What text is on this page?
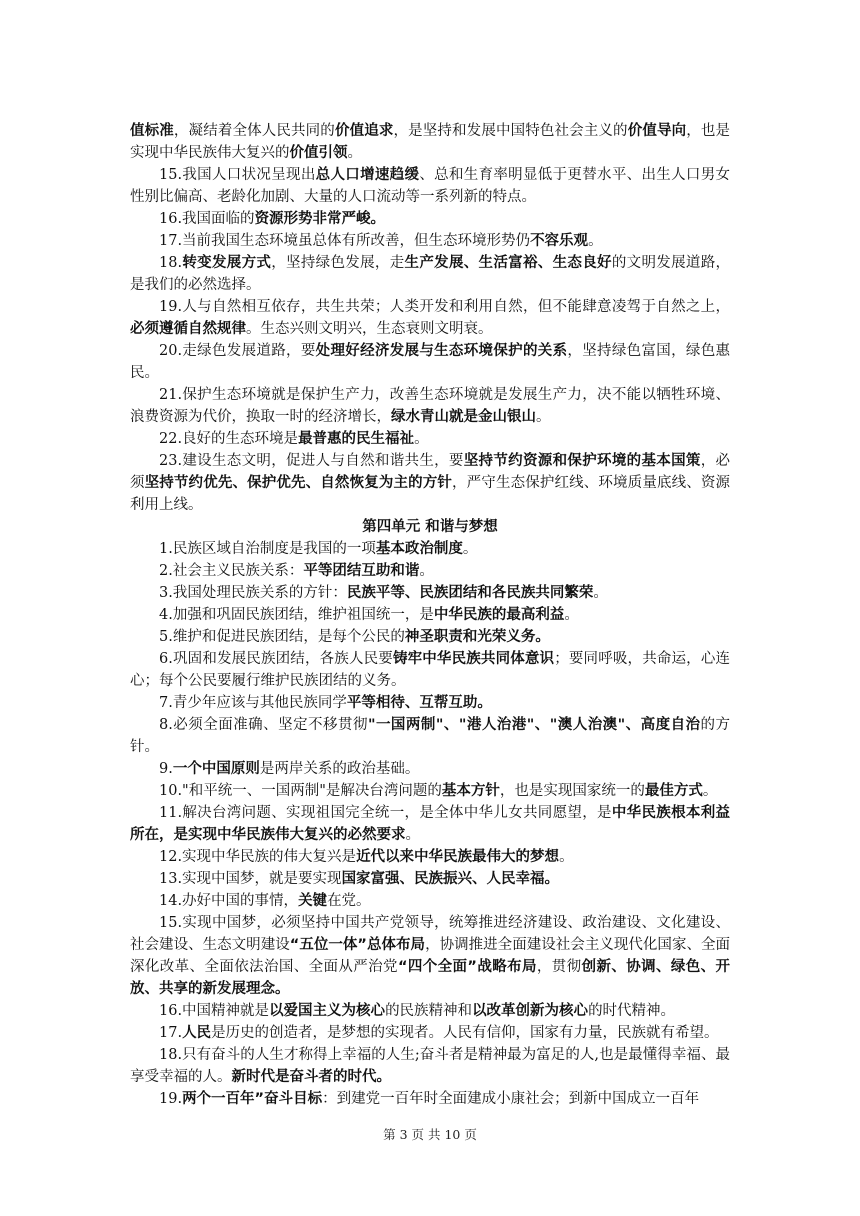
值标准，凝结着全体人民共同的价值追求，是坚持和发展中国特色社会主义的价值导向，也是实现中华民族伟大复兴的价值引领。

15.我国人口状况呈现出总人口增速趋缓、总和生育率明显低于更替水平、出生人口男女性别比偏高、老龄化加剧、大量的人口流动等一系列新的特点。

16.我国面临的资源形势非常严峻。

17.当前我国生态环境虽总体有所改善，但生态环境形势仍不容乐观。

18.转变发展方式，坚持绿色发展，走生产发展、生活富裕、生态良好的文明发展道路，是我们的必然选择。

19.人与自然相互依存，共生共荣；人类开发和利用自然，但不能肆意凌驾于自然之上，必须遵循自然规律。生态兴则文明兴，生态衰则文明衰。

20.走绿色发展道路，要处理好经济发展与生态环境保护的关系，坚持绿色富国，绿色惠民。

21.保护生态环境就是保护生产力，改善生态环境就是发展生产力，决不能以牺牲环境、浪费资源为代价，换取一时的经济增长，绿水青山就是金山银山。

22.良好的生态环境是最普惠的民生福祉。

23.建设生态文明，促进人与自然和谐共生，要坚持节约资源和保护环境的基本国策，必须坚持节约优先、保护优先、自然恢复为主的方针，严守生态保护红线、环境质量底线、资源利用上线。

第四单元 和谐与梦想

1.民族区域自治制度是我国的一项基本政治制度。

2.社会主义民族关系：平等团结互助和谐。

3.我国处理民族关系的方针：民族平等、民族团结和各民族共同繁荣。

4.加强和巩固民族团结，维护祖国统一，是中华民族的最高利益。

5.维护和促进民族团结，是每个公民的神圣职责和光荣义务。

6.巩固和发展民族团结，各族人民要铸牢中华民族共同体意识；要同呼吸，共命运，心连心；每个公民要履行维护民族团结的义务。

7.青少年应该与其他民族同学平等相待、互帮互助。

8.必须全面准确、坚定不移贯彻"一国两制"、"港人治港"、"澳人治澳"、高度自治的方针。

9.一个中国原则是两岸关系的政治基础。

10."和平统一、一国两制"是解决台湾问题的基本方针，也是实现国家统一的最佳方式。

11.解决台湾问题、实现祖国完全统一，是全体中华儿女共同愿望，是中华民族根本利益所在，是实现中华民族伟大复兴的必然要求。

12.实现中华民族的伟大复兴是近代以来中华民族最伟大的梦想。

13.实现中国梦，就是要实现国家富强、民族振兴、人民幸福。

14.办好中国的事情，关键在党。

15.实现中国梦，必须坚持中国共产党领导，统筹推进经济建设、政治建设、文化建设、社会建设、生态文明建设“五位一体”总体布局，协调推进全面建设社会主义现代化国家、全面深化改革、全面依法治国、全面从严治党“四个全面”战略布局，贯彻创新、协调、绿色、开放、共享的新发展理念。

16.中国精神就是以爱国主义为核心的民族精神和以改革创新为核心的时代精神。

17.人民是历史的创造者，是梦想的实现者。人民有信仰，国家有力量，民族就有希望。

18.只有奋斗的人生才称得上幸福的人生;奋斗者是精神最为富足的人,也是最懂得幸福、最享受幸福的人。新时代是奋斗者的时代。

19.两个一百年”奋斗目标：到建党一百年时全面建成小康社会；到新中国成立一百年

第 3 页 共 10 页
